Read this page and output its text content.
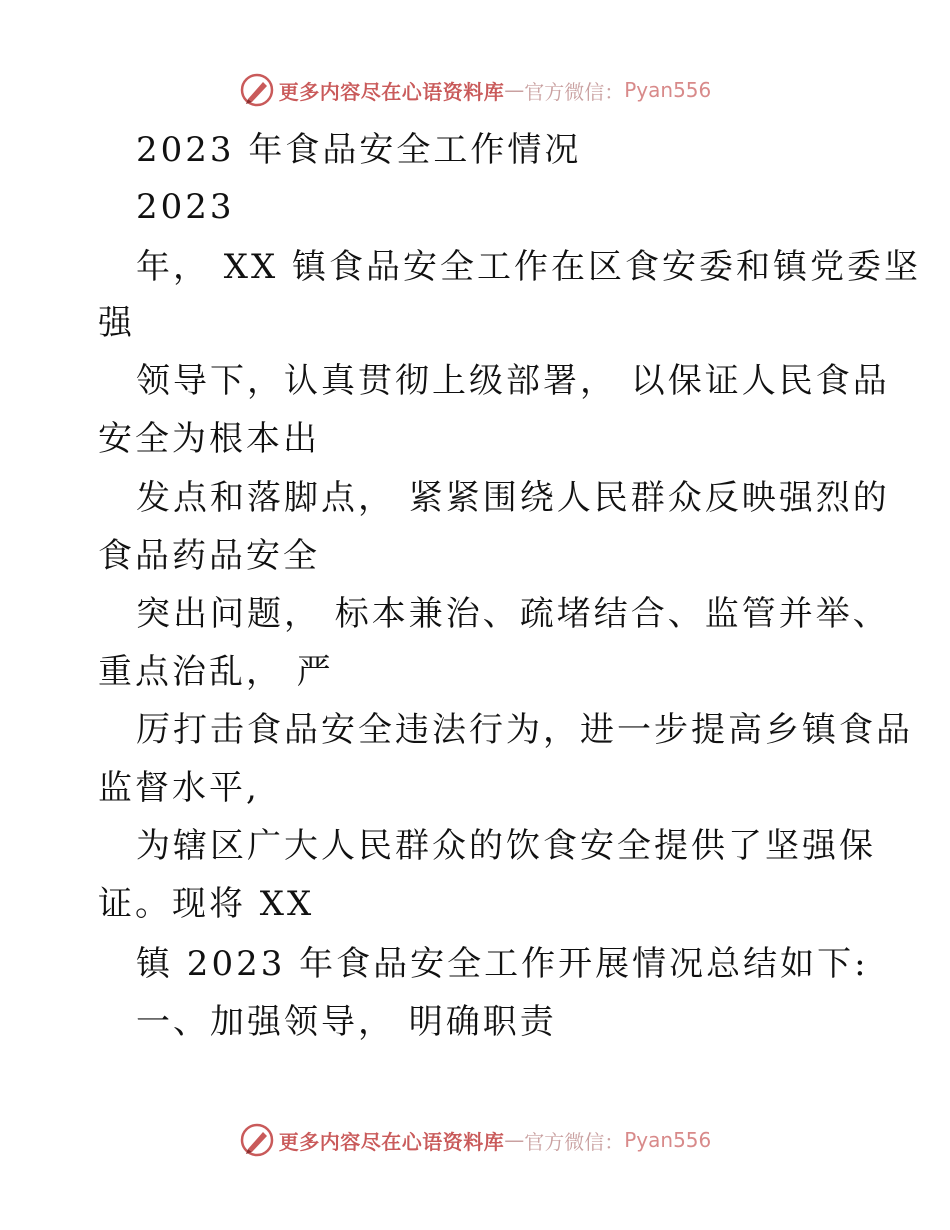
更多内容尽在心语资料库 — 官方微信： Pyan556
2023 年食品安全工作情况
2023
年， XX 镇食品安全工作在区食安委和镇党委坚
强
领导下，认真贯彻上级部署， 以保证人民食品
安全为根本出
发点和落脚点， 紧紧围绕人民群众反映强烈的
食品药品安全
突出问题， 标本兼治、疏堵结合、监管并举、
重点治乱， 严
厉打击食品安全违法行为，进一步提高乡镇食品
监督水平,
为辖区广大人民群众的饮食安全提供了坚强保
证。现将 XX
镇 2023 年食品安全工作开展情况总结如下:
一、加强领导， 明确职责
更多内容尽在心语资料库 — 官方微信： Pyan556
